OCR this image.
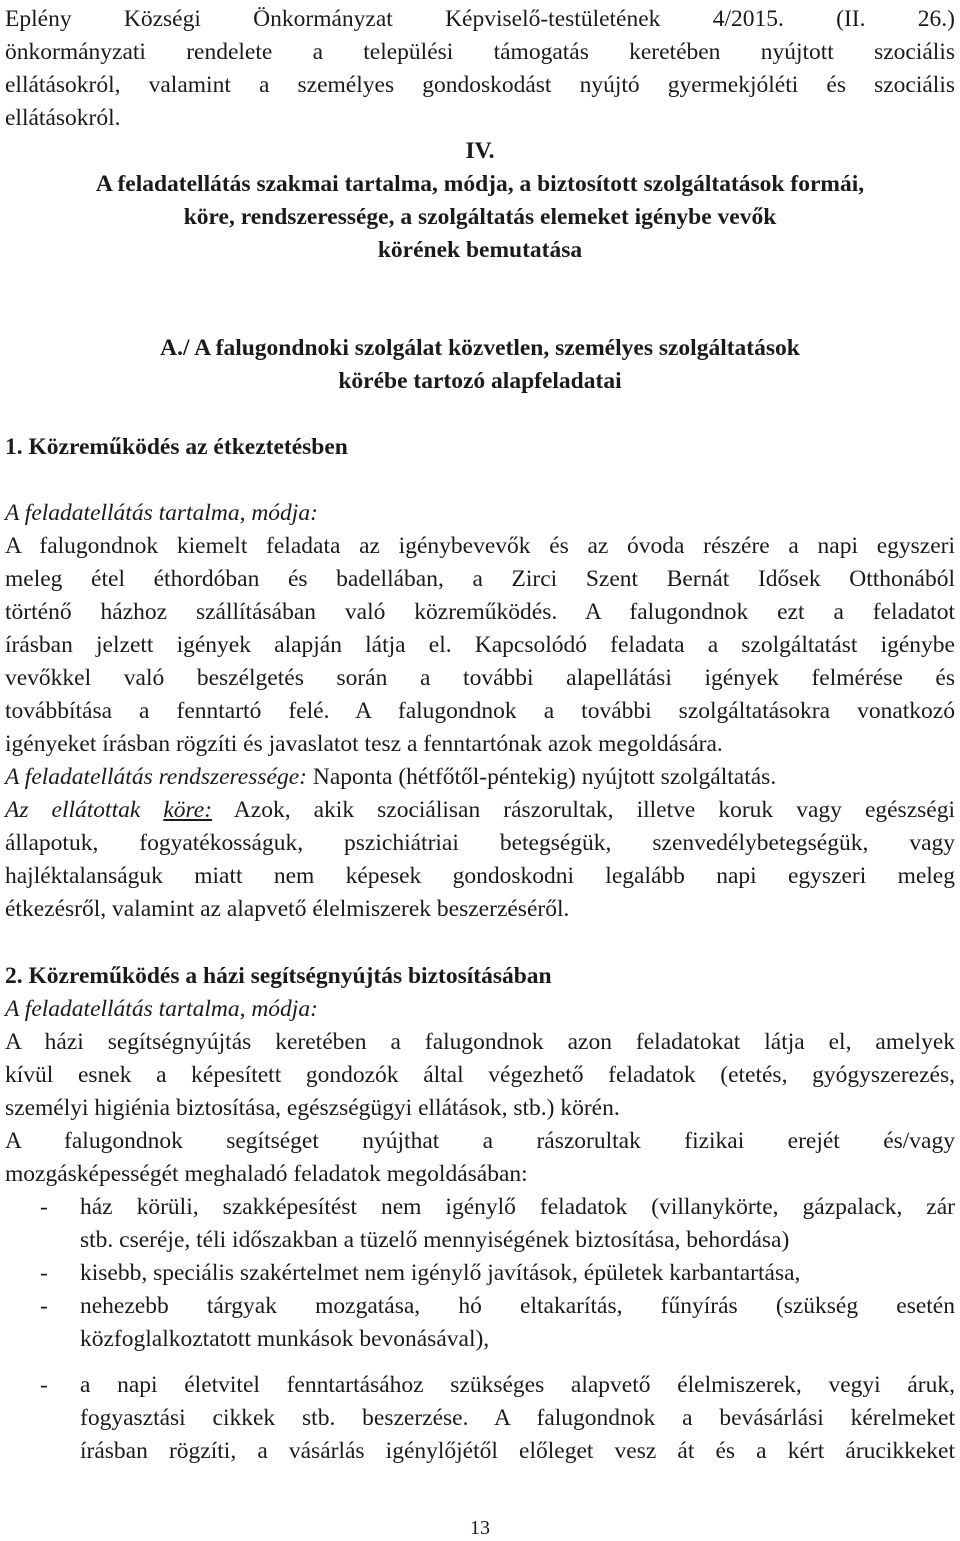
Eplény Községi Önkormányzat Képviselő-testületének 4/2015. (II. 26.)
önkormányzati rendelete a települési támogatás keretében nyújtott szociális
ellátásokról, valamint a személyes gondoskodást nyújtó gyermekjóléti és szociális
ellátásokról.
IV.
A feladatellátás szakmai tartalma, módja, a biztosított szolgáltatások formái,
köre, rendszeressége, a szolgáltatás elemeket igénybe vevők
körének bemutatása
A./ A falugondnoki szolgálat közvetlen, személyes szolgáltatások
körébe tartozó alapfeladatai
1. Közreműködés az étkeztetésben
A feladatellátás tartalma, módja:
A falugondnok kiemelt feladata az igénybevevők és az óvoda részére a napi egyszeri
meleg étel éthordóban és badellában, a Zirci Szent Bernát Idősek Otthonából
történő házhoz szállításában való közreműködés. A falugondnok ezt a feladatot
írásban jelzett igények alapján látja el. Kapcsolódó feladata a szolgáltatást igénybe
vevőkkel való beszélgetés során a további alapellátási igények felmérése és
továbbítása a fenntartó felé. A falugondnok a további szolgáltatásokra vonatkozó
igényeket írásban rögzíti és javaslatot tesz a fenntartónak azok megoldására.
A feladatellátás rendszeressége: Naponta (hétfőtől-péntekig) nyújtott szolgáltatás.
Az ellátottak köre: Azok, akik szociálisan rászorultak, illetve koruk vagy egészségi
állapotuk, fogyatékosságuk, pszichiátriai betegségük, szenvedélybetegségük, vagy
hajléktalanságuk miatt nem képesek gondoskodni legalább napi egyszeri meleg
étkezésről, valamint az alapvető élelmiszerek beszerzéséről.
2. Közreműködés a házi segítségnyújtás biztosításában
A feladatellátás tartalma, módja:
A házi segítségnyújtás keretében a falugondnok azon feladatokat látja el, amelyek
kívül esnek a képesített gondozók által végezhető feladatok (etetés, gyógyszerezés,
személyi higiénia biztosítása, egészségügyi ellátások, stb.) körén.
A falugondnok segítséget nyújthat a rászorultak fizikai erejét és/vagy
mozgásképességét meghaladó feladatok megoldásában:
- ház körüli, szakképesítést nem igénylő feladatok (villanykörte, gázpalack, zár
stb. cseréje, téli időszakban a tüzelő mennyiségének biztosítása, behordása)
- kisebb, speciális szakértelmet nem igénylő javítások, épületek karbantartása,
- nehezebb tárgyak mozgatása, hó eltakarítás, fűnyírás (szükség esetén
közfoglalkoztatott munkások bevonásával),
- a napi életvitel fenntartásához szükséges alapvető élelmiszerek, vegyi áruk,
fogyasztási cikkek stb. beszerzése. A falugondnok a bevásárlási kérelmeket
írásban rögzíti, a vásárlás igénylőjétől előleget vesz át és a kért árucikkeket
13
